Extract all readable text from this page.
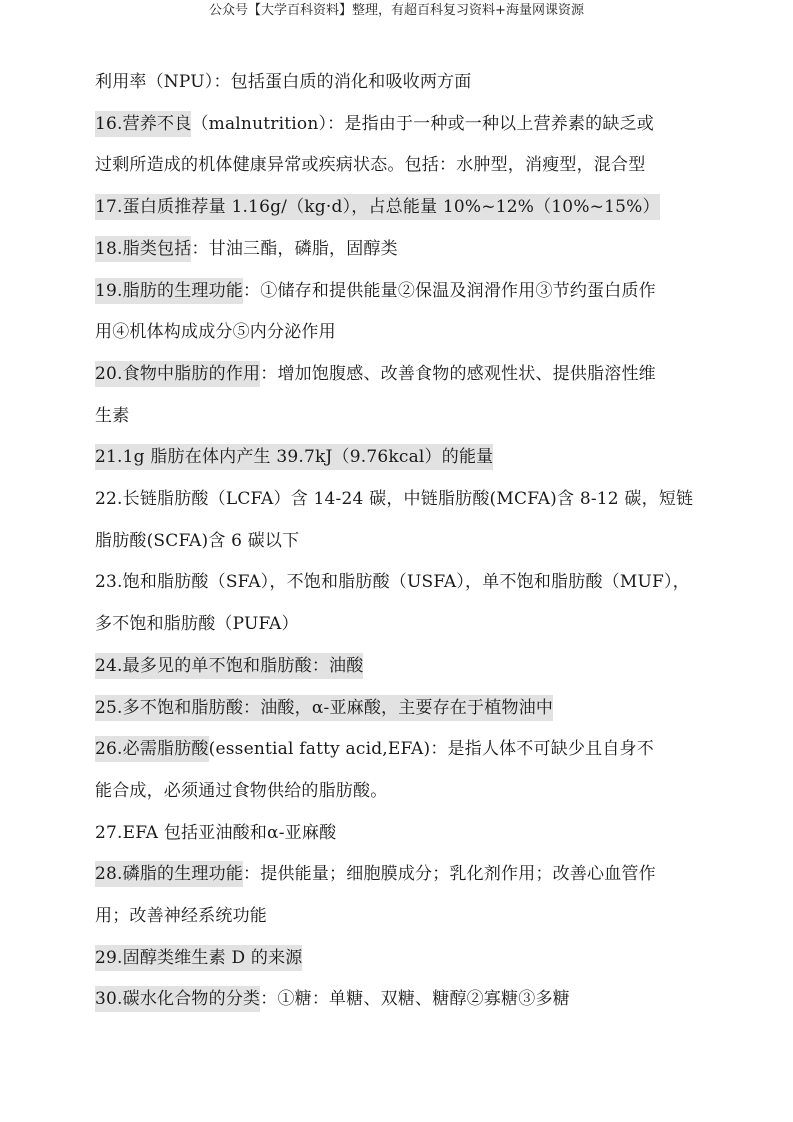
公众号【大学百科资料】整理，有超百科复习资料+海量网课资源
利用率（NPU）：包括蛋白质的消化和吸收两方面
16.营养不良（malnutrition）：是指由于一种或一种以上营养素的缺乏或
过剩所造成的机体健康异常或疾病状态。包括：水肿型，消瘦型，混合型
17.蛋白质推荐量 1.16g/（kg·d），占总能量 10%~12%（10%~15%）
18.脂类包括：甘油三酯，磷脂，固醇类
19.脂肪的生理功能：①储存和提供能量②保温及润滑作用③节约蛋白质作
用④机体构成成分⑤内分泌作用
20.食物中脂肪的作用：增加饱腹感、改善食物的感观性状、提供脂溶性维
生素
21.1g 脂肪在体内产生 39.7kJ（9.76kcal）的能量
22.长链脂肪酸（LCFA）含 14-24 碳，中链脂肪酸(MCFA)含 8-12 碳，短链
脂肪酸(SCFA)含 6 碳以下
23.饱和脂肪酸（SFA），不饱和脂肪酸（USFA），单不饱和脂肪酸（MUF），
多不饱和脂肪酸（PUFA）
24.最多见的单不饱和脂肪酸：油酸
25.多不饱和脂肪酸：油酸，α-亚麻酸，主要存在于植物油中
26.必需脂肪酸(essential fatty acid,EFA)：是指人体不可缺少且自身不
能合成，必须通过食物供给的脂肪酸。
27.EFA 包括亚油酸和α-亚麻酸
28.磷脂的生理功能：提供能量；细胞膜成分；乳化剂作用；改善心血管作
用；改善神经系统功能
29.固醇类维生素 D 的来源
30.碳水化合物的分类：①糖：单糖、双糖、糖醇②寡糖③多糖
